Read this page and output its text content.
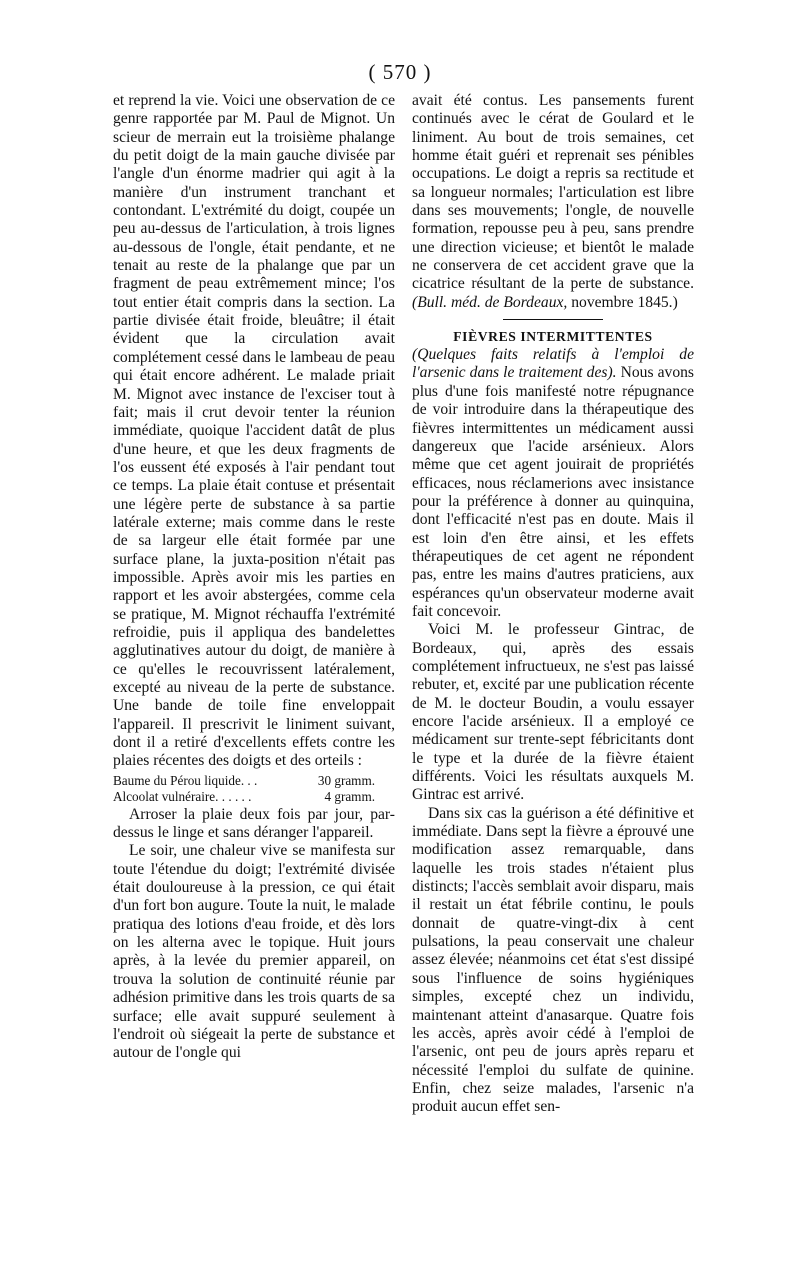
( 570 )

et reprend la vie. Voici une observation de ce genre rapportée par M. Paul de Mignot. Un scieur de merrain eut la troisième phalange du petit doigt de la main gauche divisée par l'angle d'un énorme madrier qui agit à la manière d'un instrument tranchant et contondant. L'extrémité du doigt, coupée un peu au-dessus de l'articulation, à trois lignes au-dessous de l'ongle, était pendante, et ne tenait au reste de la phalange que par un fragment de peau extrêmement mince; l'os tout entier était compris dans la section. La partie divisée était froide, bleuâtre; il était évident que la circulation avait complétement cessé dans le lambeau de peau qui était encore adhérent. Le malade priait M. Mignot avec instance de l'exciser tout à fait; mais il crut devoir tenter la réunion immédiate, quoique l'accident datât de plus d'une heure, et que les deux fragments de l'os eussent été exposés à l'air pendant tout ce temps. La plaie était contuse et présentait une légère perte de substance à sa partie latérale externe; mais comme dans le reste de sa largeur elle était formée par une surface plane, la juxta-position n'était pas impossible. Après avoir mis les parties en rapport et les avoir abstergées, comme cela se pratique, M. Mignot réchauffa l'extrémité refroidie, puis il appliqua des bandelettes agglutinatives autour du doigt, de manière à ce qu'elles le recouvrissent latéralement, excepté au niveau de la perte de substance. Une bande de toile fine enveloppait l'appareil. Il prescrivit le liniment suivant, dont il a retiré d'excellents effets contre les plaies récentes des doigts et des orteils :

Baume du Pérou liquide. . .	30 gramm.
Alcoolat vulnéraire. . . . . .	4 gramm.

Arroser la plaie deux fois par jour, par-dessus le linge et sans déranger l'appareil.

Le soir, une chaleur vive se manifesta sur toute l'étendue du doigt; l'extrémité divisée était douloureuse à la pression, ce qui était d'un fort bon augure. Toute la nuit, le malade pratiqua des lotions d'eau froide, et dès lors on les alterna avec le topique. Huit jours après, à la levée du premier appareil, on trouva la solution de continuité réunie par adhésion primitive dans les trois quarts de sa surface; elle avait suppuré seulement à l'endroit où siégeait la perte de substance et autour de l'ongle qui

avait été contus. Les pansements furent continués avec le cérat de Goulard et le liniment. Au bout de trois semaines, cet homme était guéri et reprenait ses pénibles occupations. Le doigt a repris sa rectitude et sa longueur normales; l'articulation est libre dans ses mouvements; l'ongle, de nouvelle formation, repousse peu à peu, sans prendre une direction vicieuse; et bientôt le malade ne conservera de cet accident grave que la cicatrice résultant de la perte de substance. (Bull. méd. de Bordeaux, novembre 1845.)

FIÈVRES INTERMITTENTES

(Quelques faits relatifs à l'emploi de l'arsenic dans le traitement des). Nous avons plus d'une fois manifesté notre répugnance de voir introduire dans la thérapeutique des fièvres intermittentes un médicament aussi dangereux que l'acide arsénieux. Alors même que cet agent jouirait de propriétés efficaces, nous réclamerions avec insistance pour la préférence à donner au quinquina, dont l'efficacité n'est pas en doute. Mais il est loin d'en être ainsi, et les effets thérapeutiques de cet agent ne répondent pas, entre les mains d'autres praticiens, aux espérances qu'un observateur moderne avait fait concevoir.

Voici M. le professeur Gintrac, de Bordeaux, qui, après des essais complétement infructueux, ne s'est pas laissé rebuter, et, excité par une publication récente de M. le docteur Boudin, a voulu essayer encore l'acide arsénieux. Il a employé ce médicament sur trente-sept fébricitants dont le type et la durée de la fièvre étaient différents. Voici les résultats auxquels M. Gintrac est arrivé.

Dans six cas la guérison a été définitive et immédiate. Dans sept la fièvre a éprouvé une modification assez remarquable, dans laquelle les trois stades n'étaient plus distincts; l'accès semblait avoir disparu, mais il restait un état fébrile continu, le pouls donnait de quatre-vingt-dix à cent pulsations, la peau conservait une chaleur assez élevée; néanmoins cet état s'est dissipé sous l'influence de soins hygiéniques simples, excepté chez un individu, maintenant atteint d'anasarque. Quatre fois les accès, après avoir cédé à l'emploi de l'arsenic, ont peu de jours après reparu et nécessité l'emploi du sulfate de quinine. Enfin, chez seize malades, l'arsenic n'a produit aucun effet sen-
